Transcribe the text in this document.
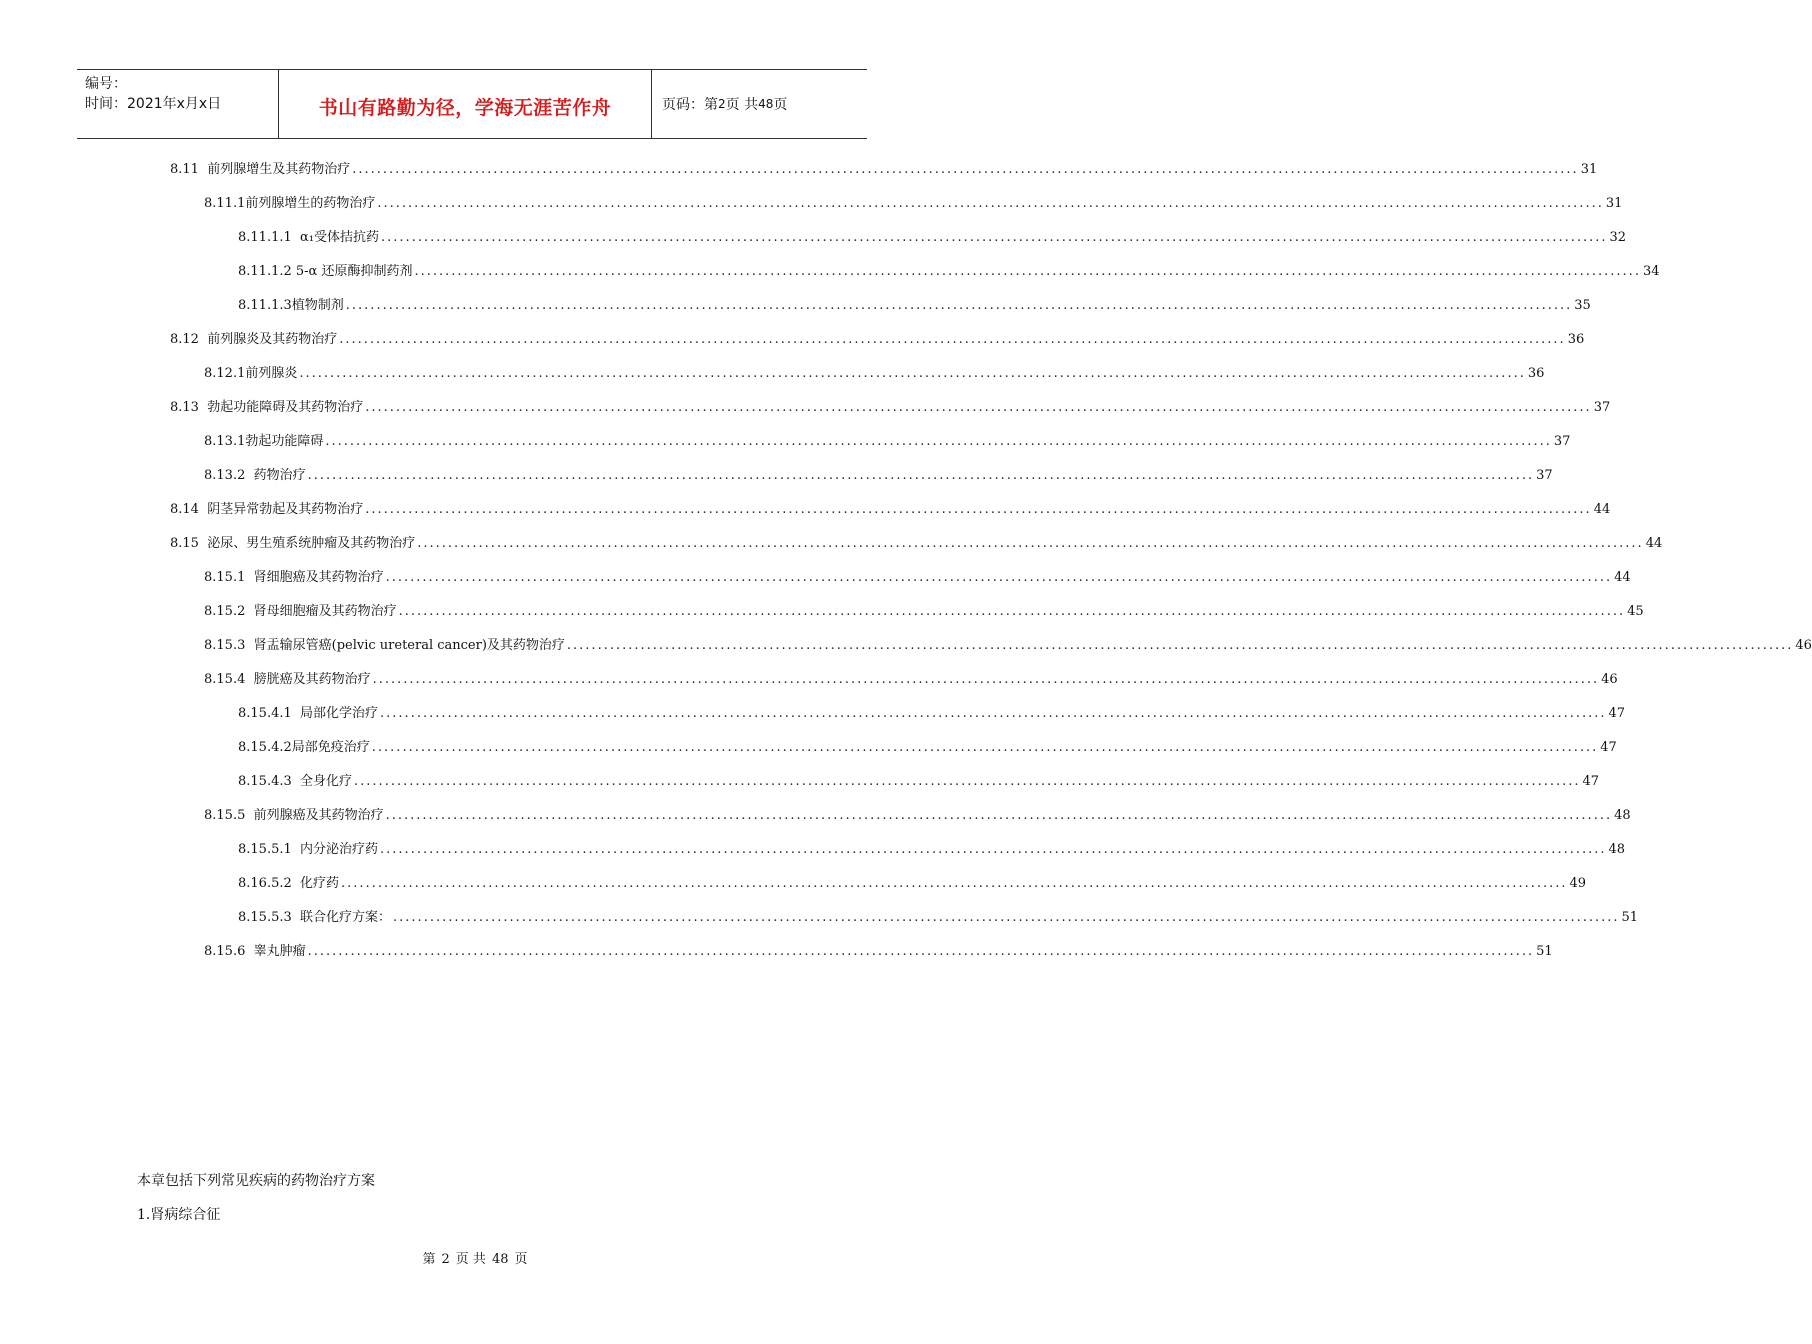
编号：
时间：2021年x月x日	书山有路勤为径，学海无涯苦作舟	页码：第 2 页 共 48 页
8.11 前列腺增生及其药物治疗 ........................................................................................................................................................................................................ 31
8.11.1 前列腺增生的药物治疗 ........................................................................................................................................................................................................ 31
8.11.1.1 α₁受体拮抗药 ........................................................................................................................................................................................................ 32
8.11.1.2 5-α 还原酶抑制药剂 ........................................................................................................................................................................................................ 34
8.11.1.3 植物制剂 ........................................................................................................................................................................................................ 35
8.12 前列腺炎及其药物治疗 ........................................................................................................................................................................................................ 36
8.12.1 前列腺炎 ........................................................................................................................................................................................................ 36
8.13 勃起功能障碍及其药物治疗 ........................................................................................................................................................................................................ 37
8.13.1 勃起功能障碍 ........................................................................................................................................................................................................ 37
8.13.2 药物治疗 ........................................................................................................................................................................................................ 37
8.14 阴茎异常勃起及其药物治疗 ........................................................................................................................................................................................................ 44
8.15 泌尿、男生殖系统肿瘤及其药物治疗 ........................................................................................................................................................................................................ 44
8.15.1 肾细胞癌及其药物治疗 ........................................................................................................................................................................................................ 44
8.15.2 肾母细胞瘤及其药物治疗 ........................................................................................................................................................................................................ 45
8.15.3 肾盂输尿管癌(pelvic ureteral cancer)及其药物治疗 ........................................................................................................................................................................................................ 46
8.15.4 膀胱癌及其药物治疗 ........................................................................................................................................................................................................ 46
8.15.4.1 局部化学治疗 ........................................................................................................................................................................................................ 47
8.15.4.2 局部免疫治疗 ........................................................................................................................................................................................................ 47
8.15.4.3 全身化疗 ........................................................................................................................................................................................................ 47
8.15.5 前列腺癌及其药物治疗 ........................................................................................................................................................................................................ 48
8.15.5.1 内分泌治疗药 ........................................................................................................................................................................................................ 48
8.16.5.2 化疗药 ........................................................................................................................................................................................................ 49
8.15.5.3 联合化疗方案： ........................................................................................................................................................................................................ 51
8.15.6 睾丸肿瘤 ........................................................................................................................................................................................................ 51
本章包括下列常见疾病的药物治疗方案
1.肾病综合征
第 2 页 共 48 页
